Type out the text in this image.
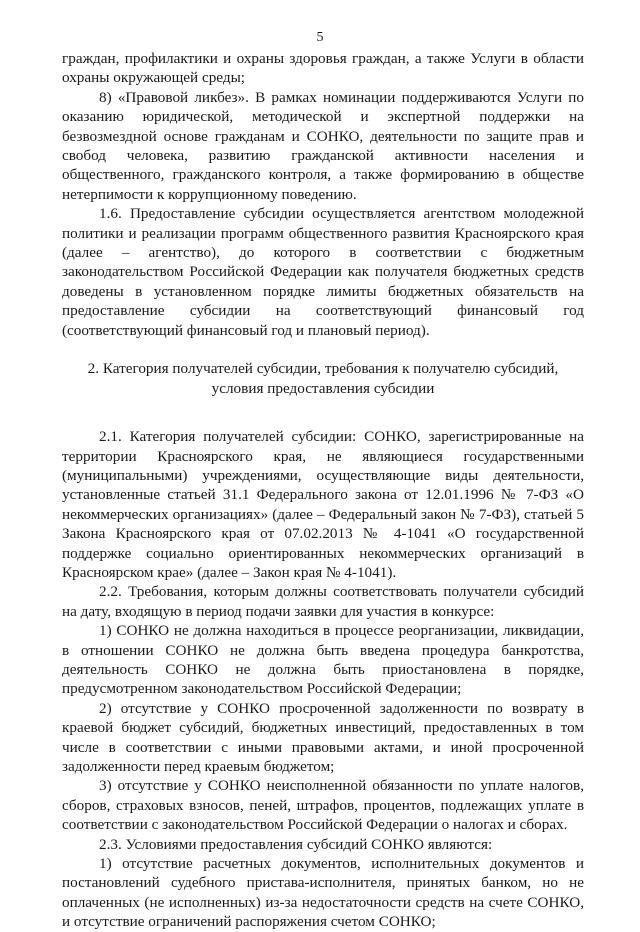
5

граждан, профилактики и охраны здоровья граждан, а также Услуги в области охраны окружающей среды;

8) «Правовой ликбез». В рамках номинации поддерживаются Услуги по оказанию юридической, методической и экспертной поддержки на безвозмездной основе гражданам и СОНКО, деятельности по защите прав и свобод человека, развитию гражданской активности населения и общественного, гражданского контроля, а также формированию в обществе нетерпимости к коррупционному поведению.

1.6. Предоставление субсидии осуществляется агентством молодежной политики и реализации программ общественного развития Красноярского края (далее – агентство), до которого в соответствии с бюджетным законодательством Российской Федерации как получателя бюджетных средств доведены в установленном порядке лимиты бюджетных обязательств на предоставление субсидии на соответствующий финансовый год (соответствующий финансовый год и плановый период).

2. Категория получателей субсидии, требования к получателю субсидий,
условия предоставления субсидии

2.1. Категория получателей субсидии: СОНКО, зарегистрированные на территории Красноярского края, не являющиеся государственными (муниципальными) учреждениями, осуществляющие виды деятельности, установленные статьей 31.1 Федерального закона от 12.01.1996 № 7-ФЗ «О некоммерческих организациях» (далее – Федеральный закон № 7-ФЗ), статьей 5 Закона Красноярского края от 07.02.2013 № 4-1041 «О государственной поддержке социально ориентированных некоммерческих организаций в Красноярском крае» (далее – Закон края № 4-1041).

2.2. Требования, которым должны соответствовать получатели субсидий на дату, входящую в период подачи заявки для участия в конкурсе:

1) СОНКО не должна находиться в процессе реорганизации, ликвидации, в отношении СОНКО не должна быть введена процедура банкротства, деятельность СОНКО не должна быть приостановлена в порядке, предусмотренном законодательством Российской Федерации;

2) отсутствие у СОНКО просроченной задолженности по возврату в краевой бюджет субсидий, бюджетных инвестиций, предоставленных в том числе в соответствии с иными правовыми актами, и иной просроченной задолженности перед краевым бюджетом;

3) отсутствие у СОНКО неисполненной обязанности по уплате налогов, сборов, страховых взносов, пеней, штрафов, процентов, подлежащих уплате в соответствии с законодательством Российской Федерации о налогах и сборах.

2.3. Условиями предоставления субсидий СОНКО являются:

1) отсутствие расчетных документов, исполнительных документов и постановлений судебного пристава-исполнителя, принятых банком, но не оплаченных (не исполненных) из-за недостаточности средств на счете СОНКО, и отсутствие ограничений распоряжения счетом СОНКО;
